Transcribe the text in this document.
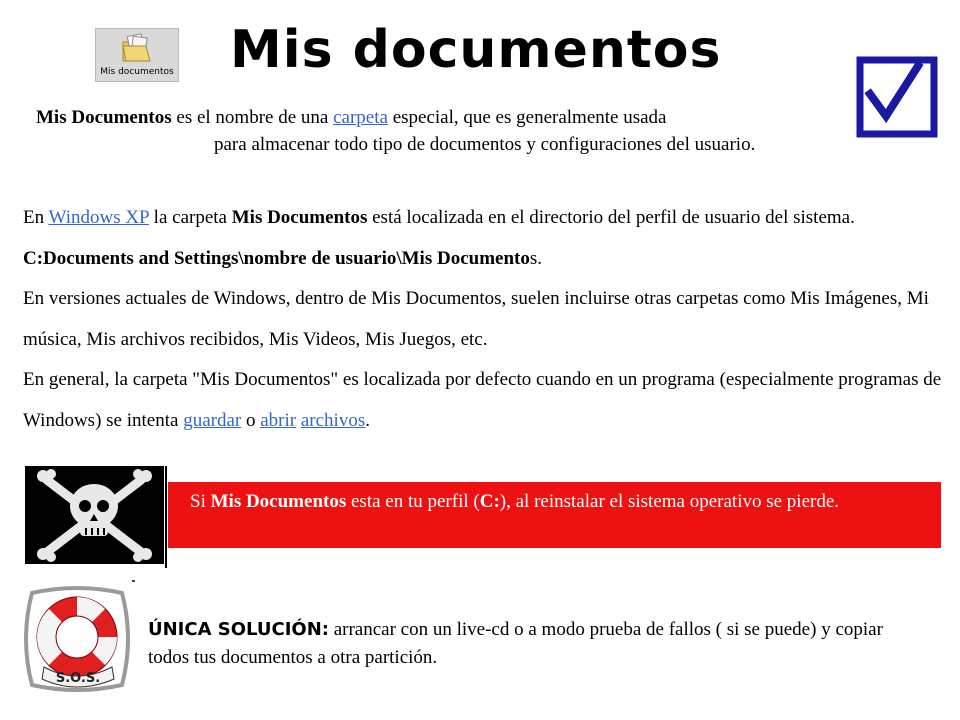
Mis documentos Mis documentos
Mis Documentos es el nombre de una carpeta especial, que es generalmente usada
para almacenar todo tipo de documentos y configuraciones del usuario.

En Windows XP la carpeta Mis Documentos está localizada en el directorio del perfil de usuario del sistema. C:Documents and Settings\nombre de usuario\Mis Documentos.

En versiones actuales de Windows, dentro de Mis Documentos, suelen incluirse otras carpetas como Mis Imágenes, Mi música, Mis archivos recibidos, Mis Videos, Mis Juegos, etc.

En general, la carpeta "Mis Documentos" es localizada por defecto cuando en un programa (especialmente programas de Windows) se intenta guardar o abrir archivos.

Si Mis Documentos esta en tu perfil (C:), al reinstalar el sistema operativo se pierde.
S.O.S.
ÚNICA SOLUCIÓN: arrancar con un live-cd o a modo prueba de fallos ( si se puede) y copiar todos tus documentos a otra partición.
